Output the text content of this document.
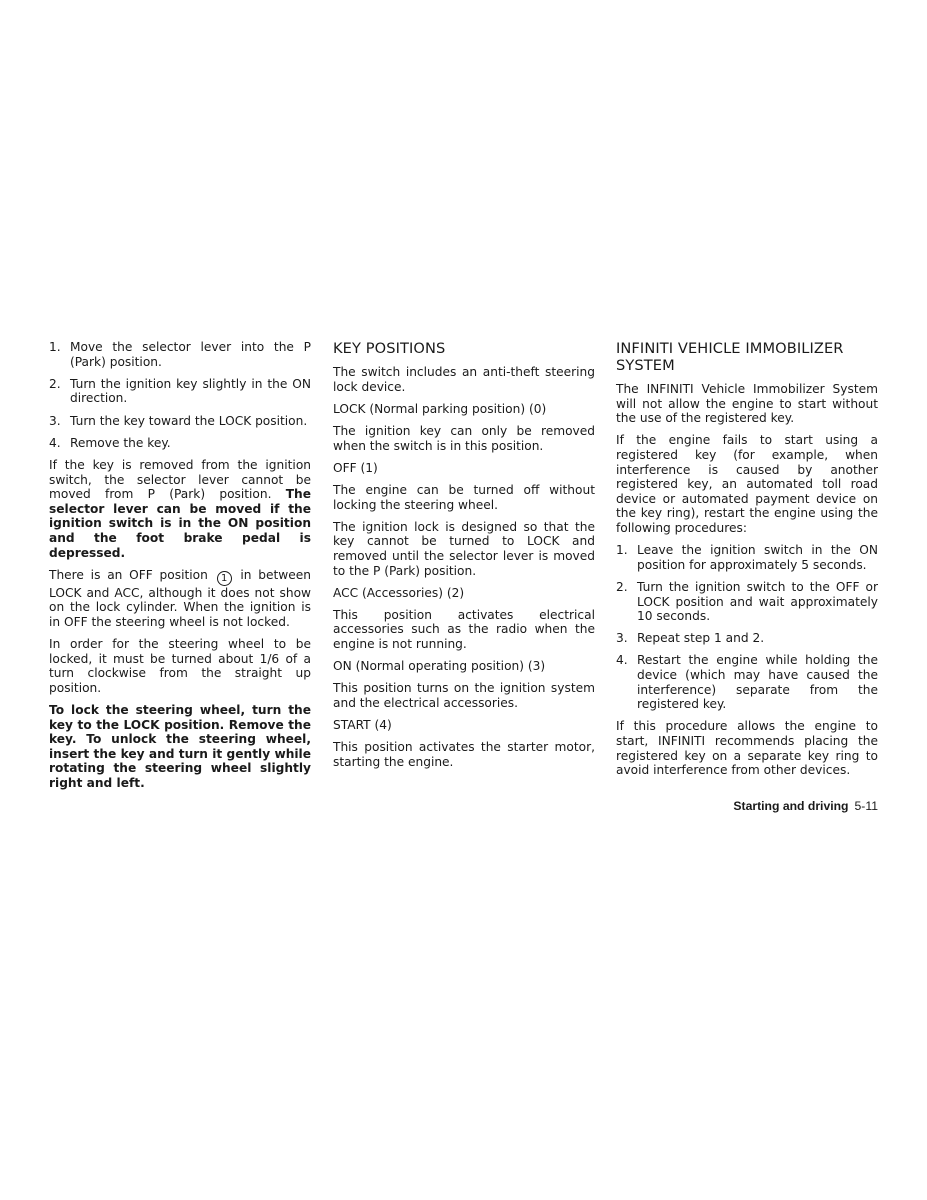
1. Move the selector lever into the P (Park) position.
2. Turn the ignition key slightly in the ON direction.
3. Turn the key toward the LOCK position.
4. Remove the key.

If the key is removed from the ignition switch, the selector lever cannot be moved from P (Park) position. The selector lever can be moved if the ignition switch is in the ON position and the foot brake pedal is depressed.

There is an OFF position 1 in between LOCK and ACC, although it does not show on the lock cylinder. When the ignition is in OFF the steering wheel is not locked.

In order for the steering wheel to be locked, it must be turned about 1/6 of a turn clockwise from the straight up position.

To lock the steering wheel, turn the key to the LOCK position. Remove the key. To unlock the steering wheel, insert the key and turn it gently while rotating the steering wheel slightly right and left.

KEY POSITIONS

The switch includes an anti-theft steering lock device.

LOCK (Normal parking position) (0)

The ignition key can only be removed when the switch is in this position.

OFF (1)

The engine can be turned off without locking the steering wheel.

The ignition lock is designed so that the key cannot be turned to LOCK and removed until the selector lever is moved to the P (Park) position.

ACC (Accessories) (2)

This position activates electrical accessories such as the radio when the engine is not running.

ON (Normal operating position) (3)

This position turns on the ignition system and the electrical accessories.

START (4)

This position activates the starter motor, starting the engine.

INFINITI VEHICLE IMMOBILIZER SYSTEM

The INFINITI Vehicle Immobilizer System will not allow the engine to start without the use of the registered key.

If the engine fails to start using a registered key (for example, when interference is caused by another registered key, an automated toll road device or automated payment device on the key ring), restart the engine using the following procedures:

1. Leave the ignition switch in the ON position for approximately 5 seconds.
2. Turn the ignition switch to the OFF or LOCK position and wait approximately 10 seconds.
3. Repeat step 1 and 2.
4. Restart the engine while holding the device (which may have caused the interference) separate from the registered key.

If this procedure allows the engine to start, INFINITI recommends placing the registered key on a separate key ring to avoid interference from other devices.

Starting and driving 5-11
